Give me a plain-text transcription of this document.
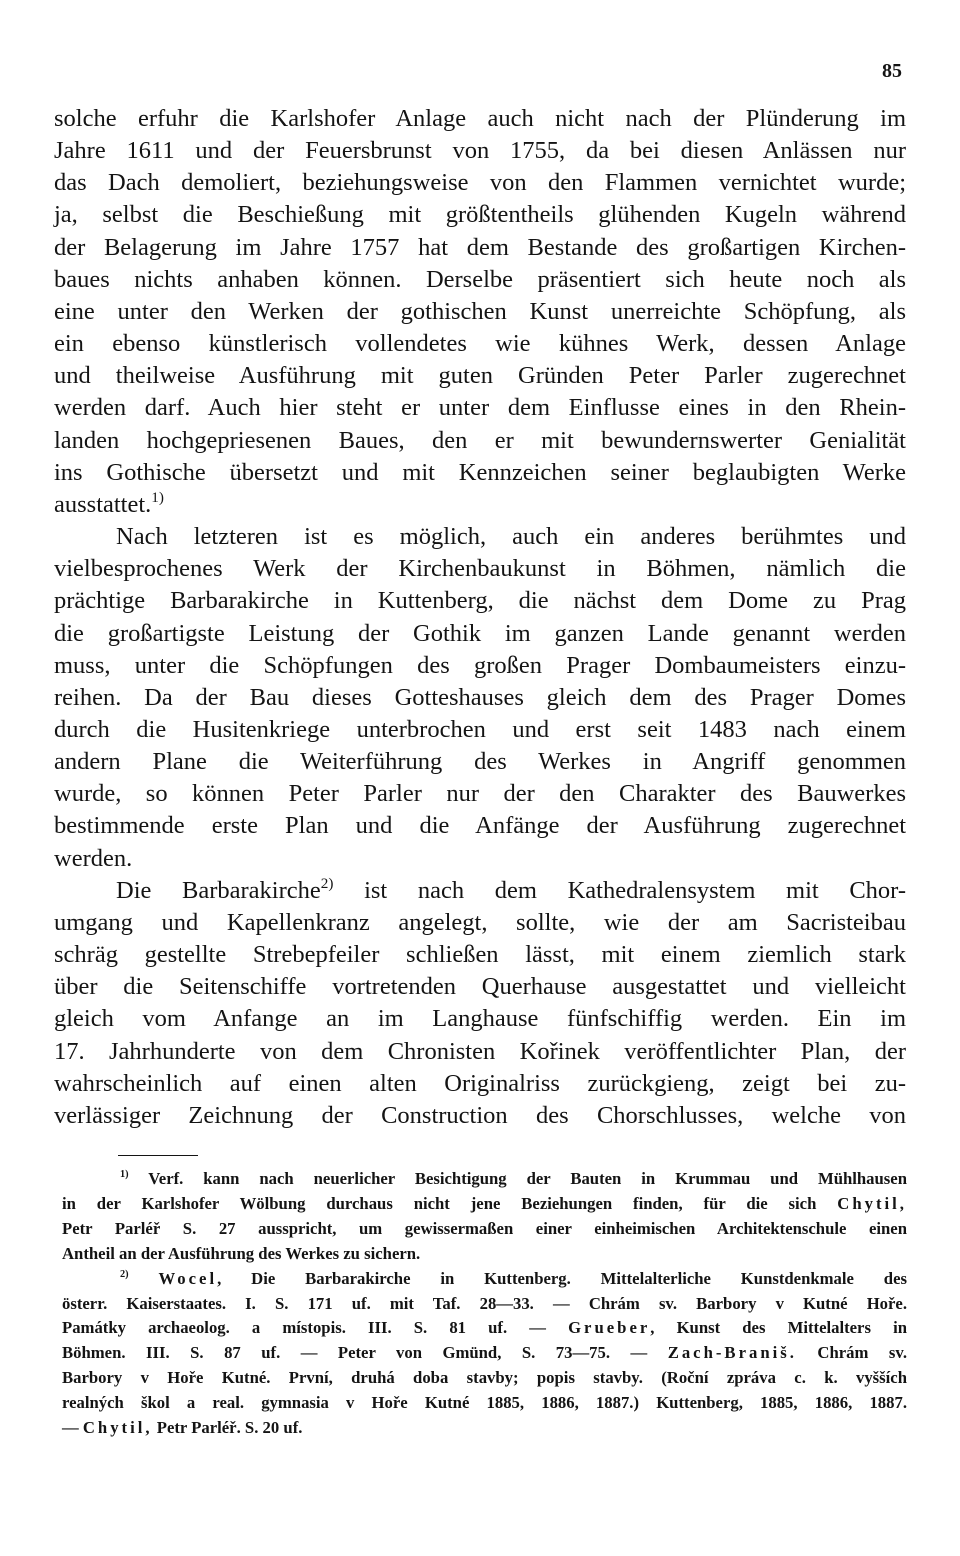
85

solche erfuhr die Karlshofer Anlage auch nicht nach der Plünderung im

Jahre 1611 und der Feuersbrunst von 1755, da bei diesen Anlässen nur

das Dach demoliert, beziehungsweise von den Flammen vernichtet wurde;

ja, selbst die Beschießung mit größtentheils glühenden Kugeln während

der Belagerung im Jahre 1757 hat dem Bestande des großartigen Kirchen-

baues nichts anhaben können. Derselbe präsentiert sich heute noch als

eine unter den Werken der gothischen Kunst unerreichte Schöpfung, als

ein ebenso künstlerisch vollendetes wie kühnes Werk, dessen Anlage

und theilweise Ausführung mit guten Gründen Peter Parler zugerechnet

werden darf. Auch hier steht er unter dem Einflusse eines in den Rhein-

landen hochgepriesenen Baues, den er mit bewundernswerter Genialität

ins Gothische übersetzt und mit Kennzeichen seiner beglaubigten Werke

ausstattet.$^{1)}$

Nach letzteren ist es möglich, auch ein anderes berühmtes und

vielbesprochenes Werk der Kirchenbaukunst in Böhmen, nämlich die

prächtige Barbarakirche in Kuttenberg, die nächst dem Dome zu Prag

die großartigste Leistung der Gothik im ganzen Lande genannt werden

muss, unter die Schöpfungen des großen Prager Dombaumeisters einzu-

reihen. Da der Bau dieses Gotteshauses gleich dem des Prager Domes

durch die Husitenkriege unterbrochen und erst seit 1483 nach einem

andern Plane die Weiterführung des Werkes in Angriff genommen

wurde, so können Peter Parler nur der den Charakter des Bauwerkes

bestimmende erste Plan und die Anfänge der Ausführung zugerechnet

werden.

Die Barbarakirche$^{2)}$ ist nach dem Kathedralensystem mit Chor-

umgang und Kapellenkranz angelegt, sollte, wie der am Sacristeibau

schräg gestellte Strebepfeiler schließen lässt, mit einem ziemlich stark

über die Seitenschiffe vortretenden Querhause ausgestattet und vielleicht

gleich vom Anfange an im Langhause fünfschiffig werden. Ein im

17. Jahrhunderte von dem Chronisten Kořinek veröffentlichter Plan, der

wahrscheinlich auf einen alten Originalriss zurückgieng, zeigt bei zu-

verlässiger Zeichnung der Construction des Chorschlusses, welche von

$^{1)}$ Verf. kann nach neuerlicher Besichtigung der Bauten in Krummau und Mühlhausen

in der Karlshofer Wölbung durchaus nicht jene Beziehungen finden, für die sich Chytil,

Petr Parléř S. 27 ausspricht, um gewissermaßen einer einheimischen Architektenschule einen

Antheil an der Ausführung des Werkes zu sichern.

$^{2)}$ Wocel, Die Barbarakirche in Kuttenberg. Mittelalterliche Kunstdenkmale des

österr. Kaiserstaates. I. S. 171 uf. mit Taf. 28—33. — Chrám sv. Barbory v Kutné Hoře.

Památky archaeolog. a místopis. III. S. 81 uf. — Grueber, Kunst des Mittelalters in

Böhmen. III. S. 87 uf. — Peter von Gmünd, S. 73—75. — Zach-Braniš. Chrám sv.

Barbory v Hoře Kutné. První, druhá doba stavby; popis stavby. (Roční zpráva c. k. vyšších

realných škol a real. gymnasia v Hoře Kutné 1885, 1886, 1887.) Kuttenberg, 1885, 1886, 1887.

— Chytil, Petr Parléř. S. 20 uf.
